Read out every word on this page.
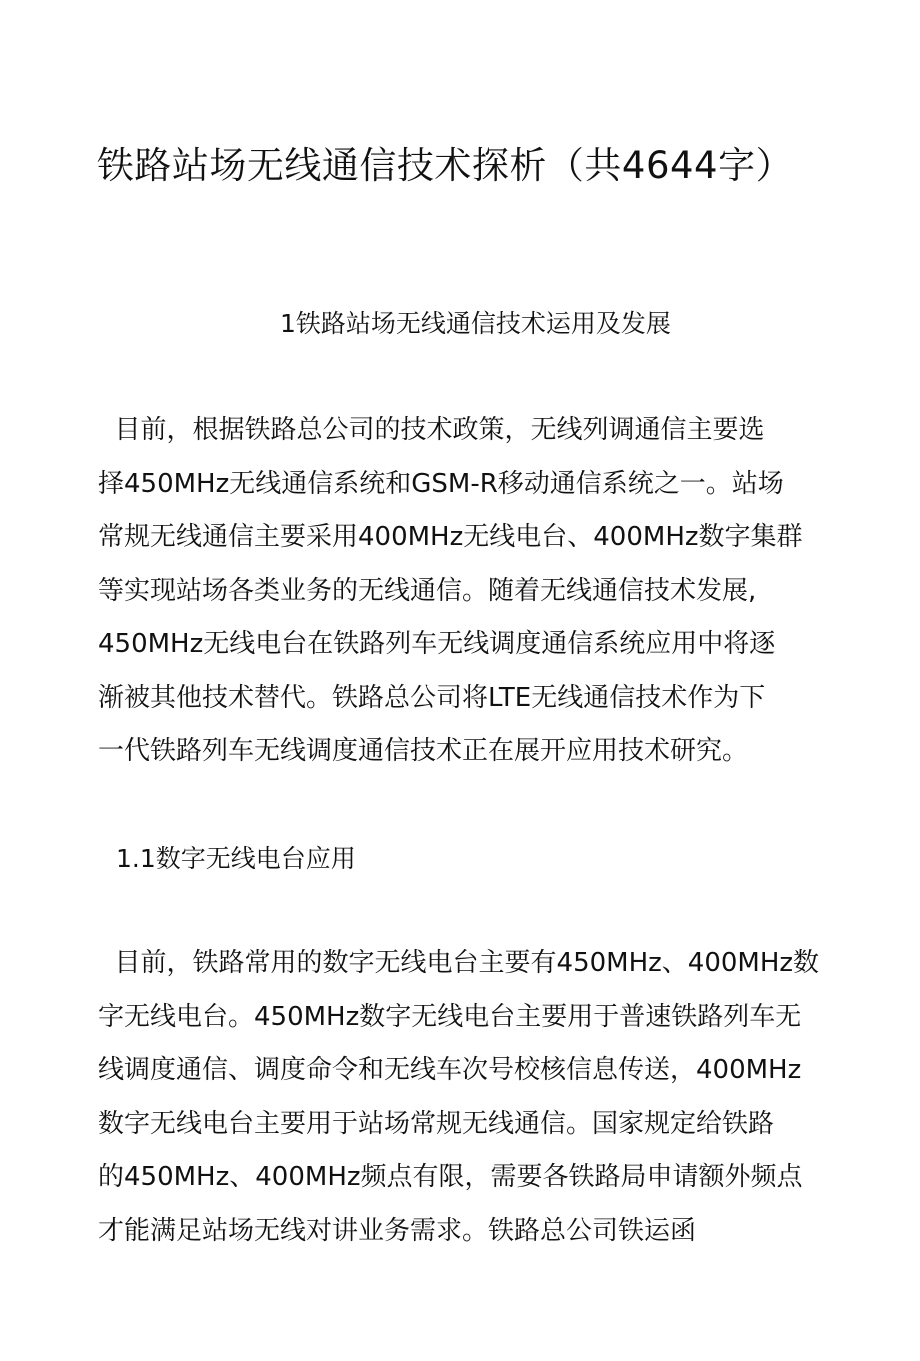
铁路站场无线通信技术探析（共4644字）
1铁路站场无线通信技术运用及发展
目前，根据铁路总公司的技术政策，无线列调通信主要选
择450MHz无线通信系统和GSM-R移动通信系统之一。站场
常规无线通信主要采用400MHz无线电台、400MHz数字集群
等实现站场各类业务的无线通信。随着无线通信技术发展,
450MHz无线电台在铁路列车无线调度通信系统应用中将逐
渐被其他技术替代。铁路总公司将LTE无线通信技术作为下
一代铁路列车无线调度通信技术正在展开应用技术研究。
1.1数字无线电台应用
目前，铁路常用的数字无线电台主要有450MHz、400MHz数
字无线电台。450MHz数字无线电台主要用于普速铁路列车无
线调度通信、调度命令和无线车次号校核信息传送，400MHz
数字无线电台主要用于站场常规无线通信。国家规定给铁路
的450MHz、400MHz频点有限，需要各铁路局申请额外频点
才能满足站场无线对讲业务需求。铁路总公司铁运函
